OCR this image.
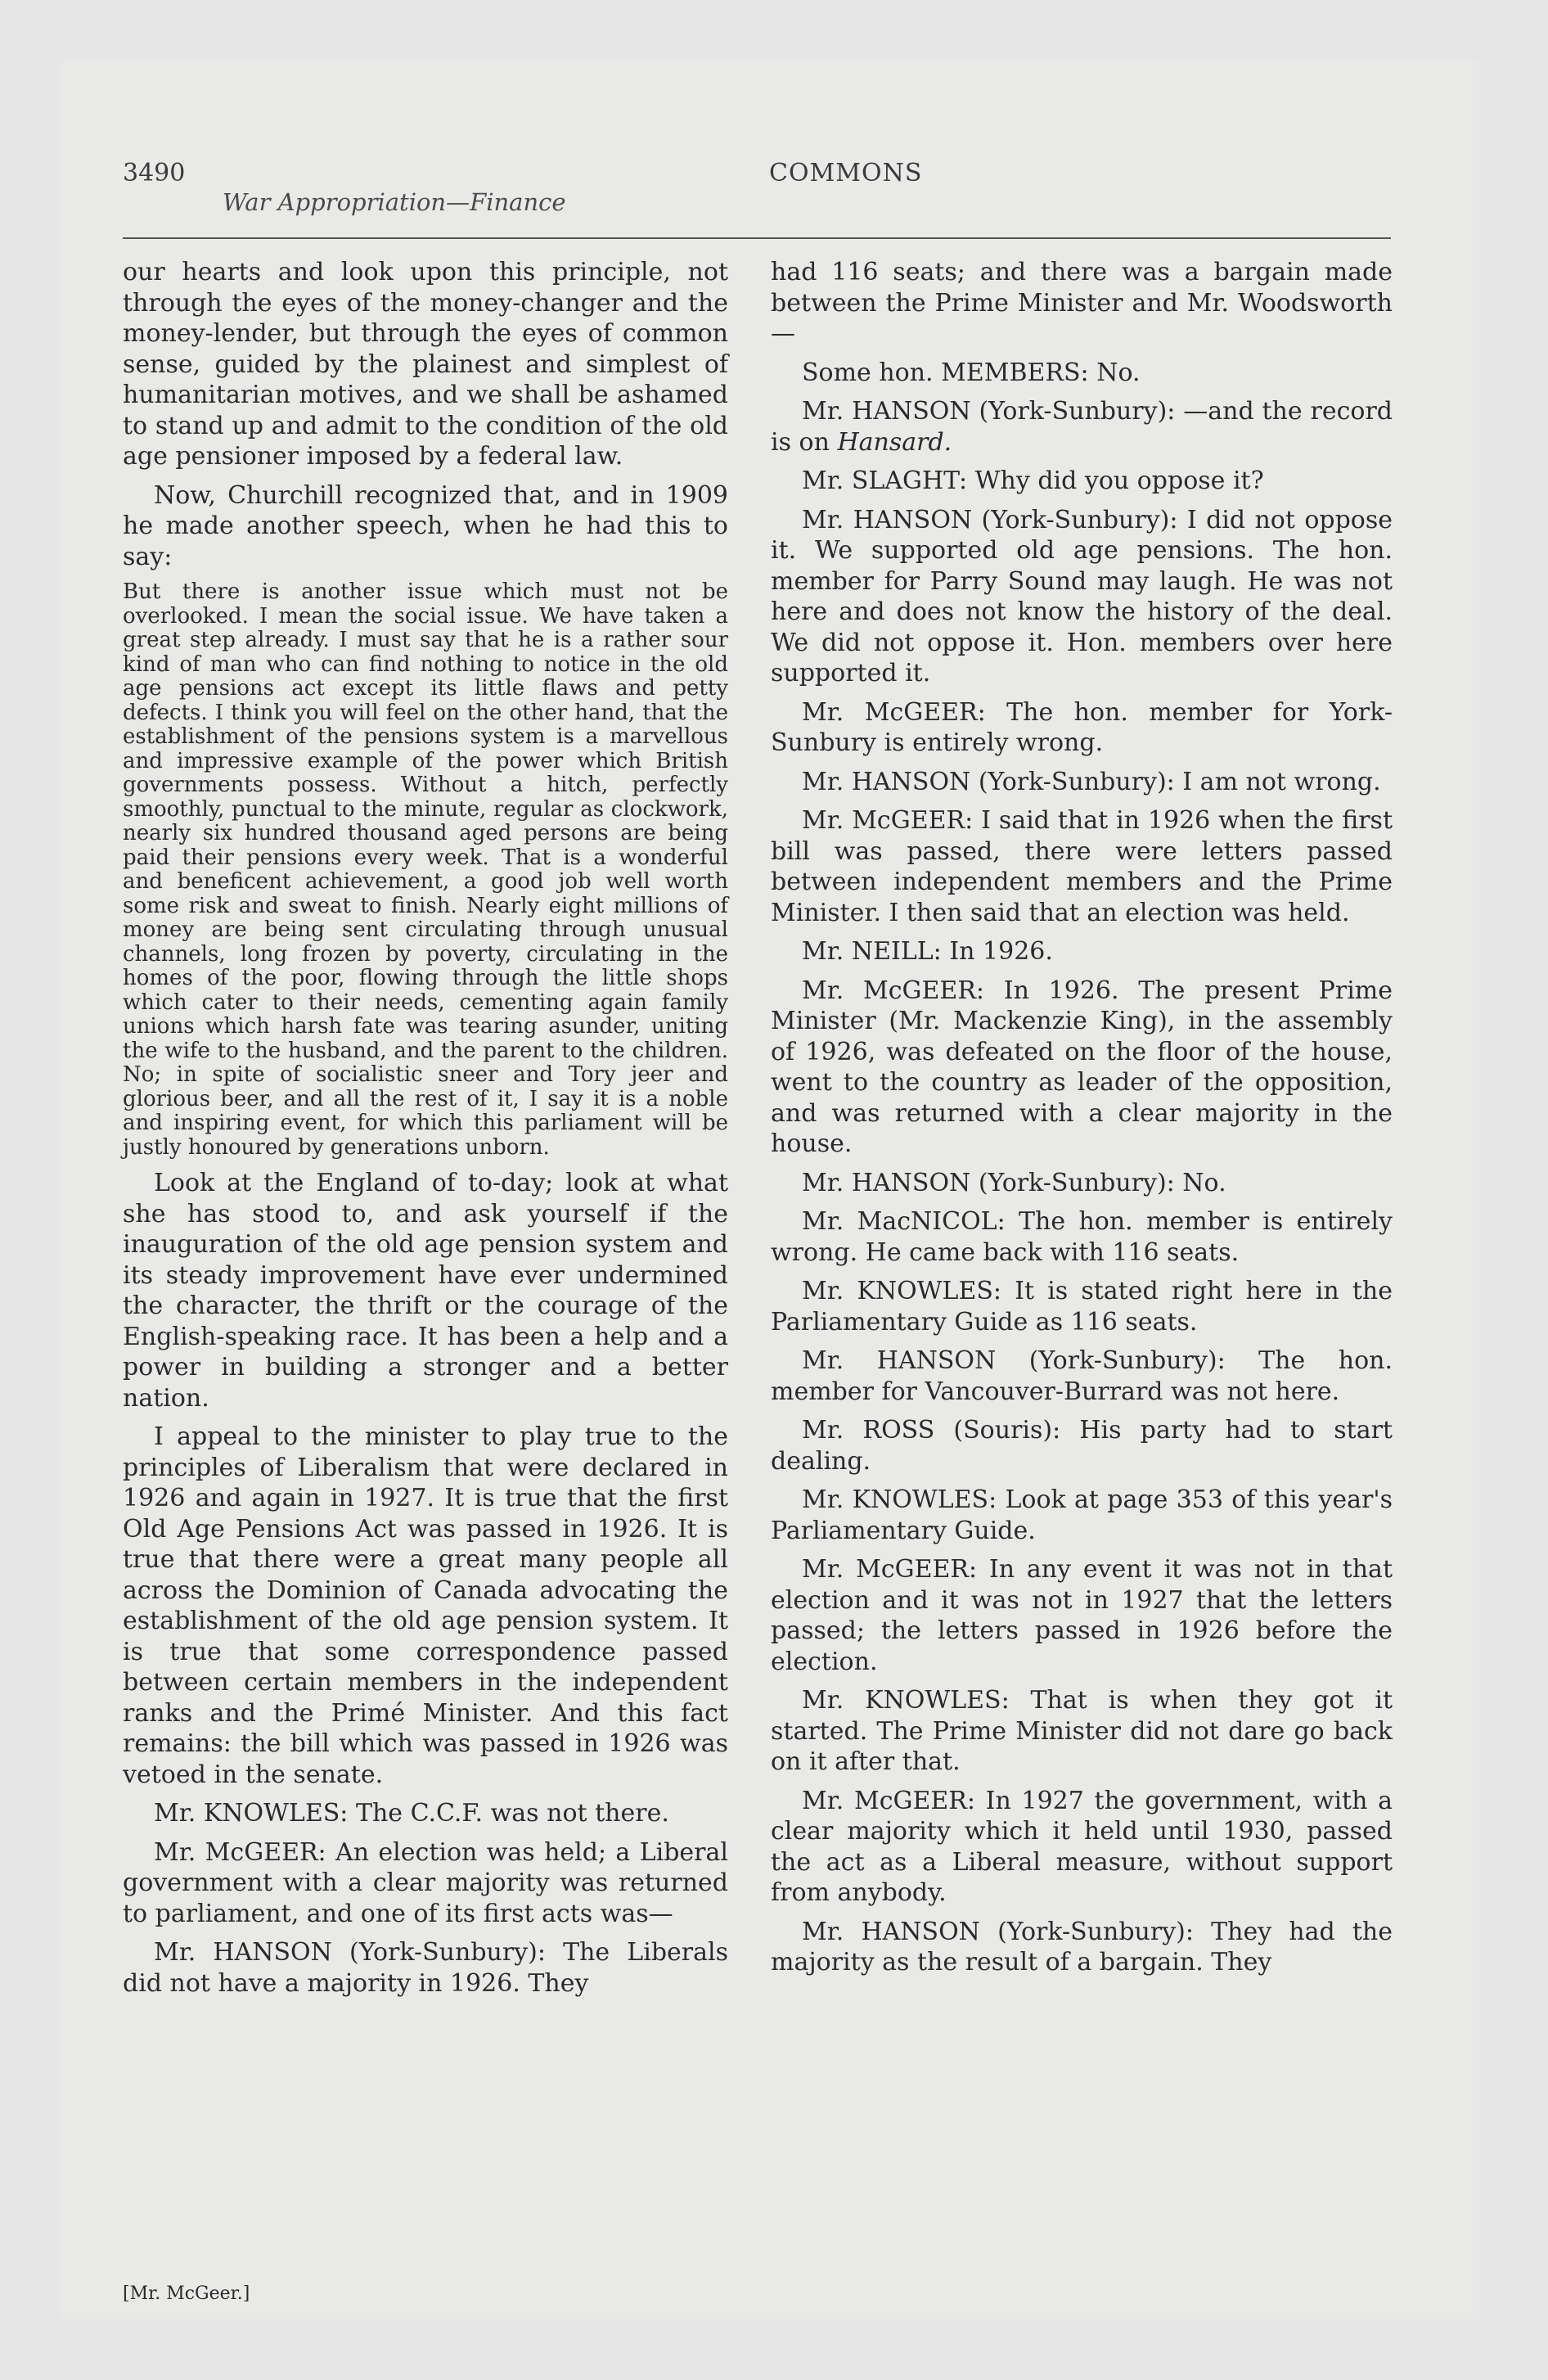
3490	COMMONS
War Appropriation—Finance

our hearts and look upon this principle, not through the eyes of the money-changer and the money-lender, but through the eyes of common sense, guided by the plainest and simplest of humanitarian motives, and we shall be ashamed to stand up and admit to the condition of the old age pensioner imposed by a federal law.

Now, Churchill recognized that, and in 1909 he made another speech, when he had this to say:

But there is another issue which must not be overlooked. I mean the social issue. We have taken a great step already. I must say that he is a rather sour kind of man who can find nothing to notice in the old age pensions act except its little flaws and petty defects. I think you will feel on the other hand, that the establishment of the pensions system is a marvellous and impressive example of the power which British governments possess. Without a hitch, perfectly smoothly, punctual to the minute, regular as clockwork, nearly six hundred thousand aged persons are being paid their pensions every week. That is a wonderful and beneficent achievement, a good job well worth some risk and sweat to finish. Nearly eight millions of money are being sent circulating through unusual channels, long frozen by poverty, circulating in the homes of the poor, flowing through the little shops which cater to their needs, cementing again family unions which harsh fate was tearing asunder, uniting the wife to the husband, and the parent to the children. No; in spite of socialistic sneer and Tory jeer and glorious beer, and all the rest of it, I say it is a noble and inspiring event, for which this parliament will be justly honoured by generations unborn.

Look at the England of to-day; look at what she has stood to, and ask yourself if the inauguration of the old age pension system and its steady improvement have ever undermined the character, the thrift or the courage of the English-speaking race. It has been a help and a power in building a stronger and a better nation.

I appeal to the minister to play true to the principles of Liberalism that were declared in 1926 and again in 1927. It is true that the first Old Age Pensions Act was passed in 1926. It is true that there were a great many people all across the Dominion of Canada advocating the establishment of the old age pension system. It is true that some correspondence passed between certain members in the independent ranks and the Primé Minister. And this fact remains: the bill which was passed in 1926 was vetoed in the senate.

Mr. KNOWLES: The C.C.F. was not there.

Mr. McGEER: An election was held; a Liberal government with a clear majority was returned to parliament, and one of its first acts was—

Mr. HANSON (York-Sunbury): The Liberals did not have a majority in 1926. They

had 116 seats; and there was a bargain made between the Prime Minister and Mr. Woodsworth—

Some hon. MEMBERS: No.

Mr. HANSON (York-Sunbury): —and the record is on Hansard.

Mr. SLAGHT: Why did you oppose it?

Mr. HANSON (York-Sunbury): I did not oppose it. We supported old age pensions. The hon. member for Parry Sound may laugh. He was not here and does not know the history of the deal. We did not oppose it. Hon. members over here supported it.

Mr. McGEER: The hon. member for York-Sunbury is entirely wrong.

Mr. HANSON (York-Sunbury): I am not wrong.

Mr. McGEER: I said that in 1926 when the first bill was passed, there were letters passed between independent members and the Prime Minister. I then said that an election was held.

Mr. NEILL: In 1926.

Mr. McGEER: In 1926. The present Prime Minister (Mr. Mackenzie King), in the assembly of 1926, was defeated on the floor of the house, went to the country as leader of the opposition, and was returned with a clear majority in the house.

Mr. HANSON (York-Sunbury): No.

Mr. MacNICOL: The hon. member is entirely wrong. He came back with 116 seats.

Mr. KNOWLES: It is stated right here in the Parliamentary Guide as 116 seats.

Mr. HANSON (York-Sunbury): The hon. member for Vancouver-Burrard was not here.

Mr. ROSS (Souris): His party had to start dealing.

Mr. KNOWLES: Look at page 353 of this year's Parliamentary Guide.

Mr. McGEER: In any event it was not in that election and it was not in 1927 that the letters passed; the letters passed in 1926 before the election.

Mr. KNOWLES: That is when they got it started. The Prime Minister did not dare go back on it after that.

Mr. McGEER: In 1927 the government, with a clear majority which it held until 1930, passed the act as a Liberal measure, without support from anybody.

Mr. HANSON (York-Sunbury): They had the majority as the result of a bargain. They

[Mr. McGeer.]
